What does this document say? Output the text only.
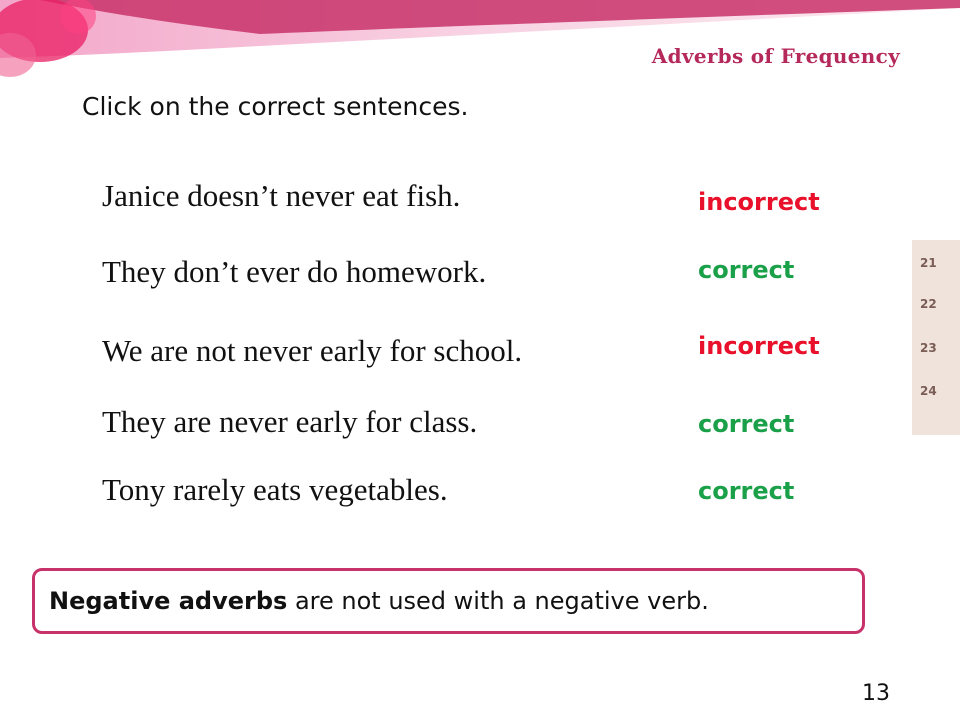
Adverbs of Frequency
Click on the correct sentences.
Janice doesn’t never eat fish.	incorrect
They don’t ever do homework.	correct
We are not never early for school.	incorrect
They are never early for class.	correct
Tony rarely eats vegetables.	correct
Negative adverbs are not used with a negative verb.
21
22
23
24
13
